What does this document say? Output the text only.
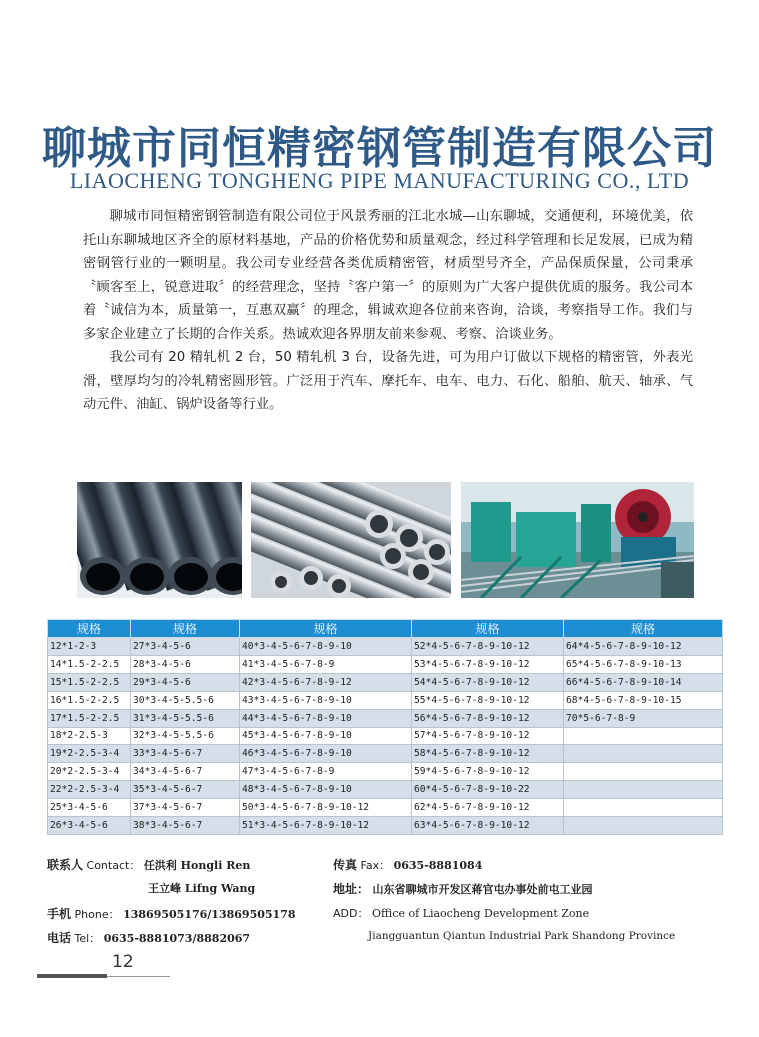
聊城市同恒精密钢管制造有限公司
LIAOCHENG TONGHENG PIPE MANUFACTURING CO., LTD

聊城市同恒精密钢管制造有限公司位于风景秀丽的江北水城—山东聊城，交通便利，环境优美，依托山东聊城地区齐全的原材料基地，产品的价格优势和质量观念，经过科学管理和长足发展，已成为精密钢管行业的一颗明星。我公司专业经营各类优质精密管，材质型号齐全，产品保质保量，公司秉承〝顾客至上，锐意进取〞的经营理念，坚持〝客户第一〞的原则为广大客户提供优质的服务。我公司本着〝诚信为本，质量第一，互惠双赢〞的理念，辑诚欢迎各位前来咨询，洽谈，考察指导工作。我们与多家企业建立了长期的合作关系。热诚欢迎各界朋友前来参观、考察、洽谈业务。

我公司有 20 精轧机 2 台，50 精轧机 3 台，设备先进，可为用户订做以下规格的精密管，外表光滑，壁厚均匀的冷轧精密圆形管。广泛用于汽车、摩托车、电车、电力、石化、船舶、航天、轴承、气动元件、油缸、锅炉设备等行业。

规格	规格	规格	规格	规格
12*1-2-3	27*3-4-5-6	40*3-4-5-6-7-8-9-10	52*4-5-6-7-8-9-10-12	64*4-5-6-7-8-9-10-12
14*1.5-2-2.5	28*3-4-5-6	41*3-4-5-6-7-8-9	53*4-5-6-7-8-9-10-12	65*4-5-6-7-8-9-10-13
15*1.5-2-2.5	29*3-4-5-6	42*3-4-5-6-7-8-9-12	54*4-5-6-7-8-9-10-12	66*4-5-6-7-8-9-10-14
16*1.5-2-2.5	30*3-4-5-5.5-6	43*3-4-5-6-7-8-9-10	55*4-5-6-7-8-9-10-12	68*4-5-6-7-8-9-10-15
17*1.5-2-2.5	31*3-4-5-5.5-6	44*3-4-5-6-7-8-9-10	56*4-5-6-7-8-9-10-12	70*5-6-7-8-9
18*2-2.5-3	32*3-4-5-5.5-6	45*3-4-5-6-7-8-9-10	57*4-5-6-7-8-9-10-12	
19*2-2.5-3-4	33*3-4-5-6-7	46*3-4-5-6-7-8-9-10	58*4-5-6-7-8-9-10-12	
20*2-2.5-3-4	34*3-4-5-6-7	47*3-4-5-6-7-8-9	59*4-5-6-7-8-9-10-12	
22*2-2.5-3-4	35*3-4-5-6-7	48*3-4-5-6-7-8-9-10	60*4-5-6-7-8-9-10-22	
25*3-4-5-6	37*3-4-5-6-7	50*3-4-5-6-7-8-9-10-12	62*4-5-6-7-8-9-10-12	
26*3-4-5-6	38*3-4-5-6-7	51*3-4-5-6-7-8-9-10-12	63*4-5-6-7-8-9-10-12	
联系人 Contact： 任洪利 Hongli Ren
王立峰 Lifng Wang
手机 Phone： 13869505176/13869505178
电话 Tel： 0635-8881073/8882067
传真 Fax： 0635-8881084
地址： 山东省聊城市开发区蒋官屯办事处前屯工业园
ADD： Office of Liaocheng Development Zone
Jiangguantun Qiantun Industrial Park Shandong Province
12
